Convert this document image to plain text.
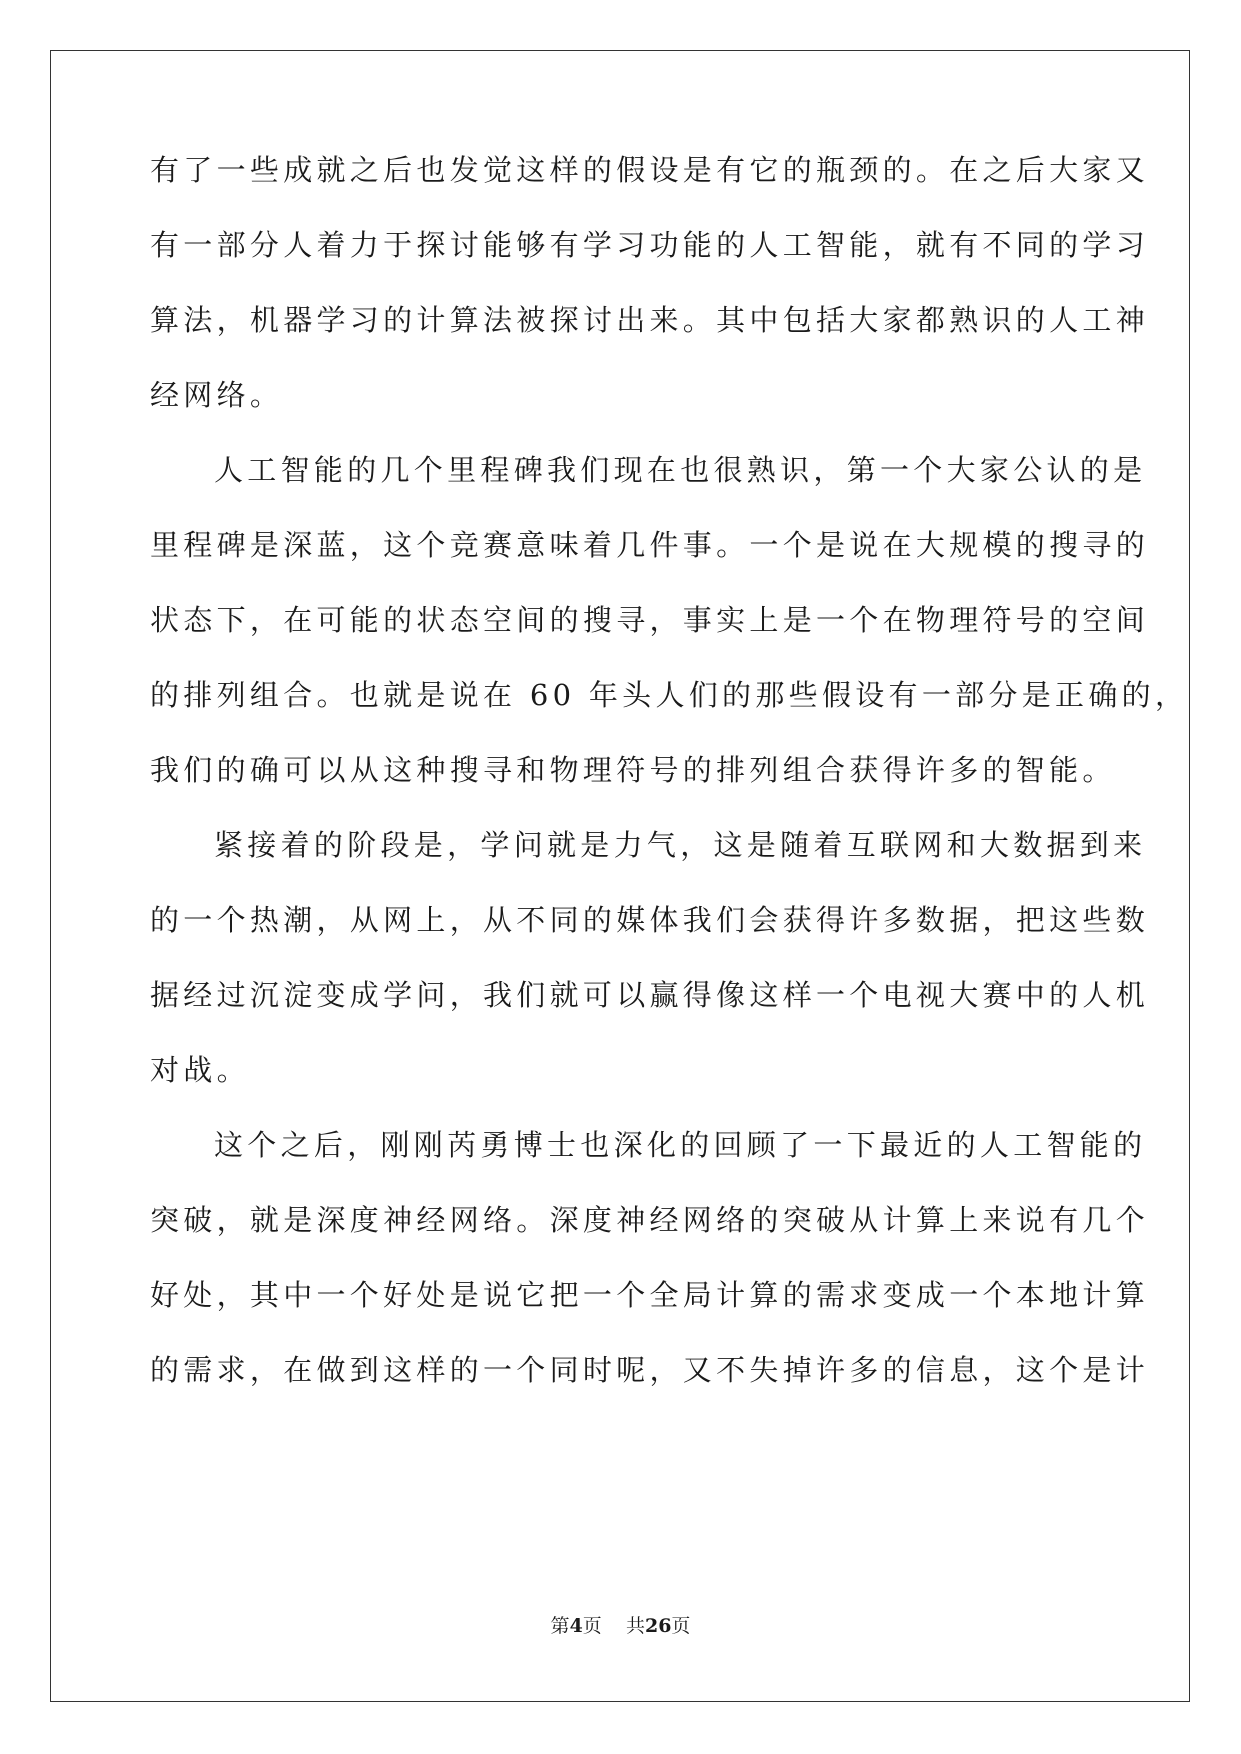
有了一些成就之后也发觉这样的假设是有它的瓶颈的。在之后大家又
有一部分人着力于探讨能够有学习功能的人工智能，就有不同的学习
算法，机器学习的计算法被探讨出来。其中包括大家都熟识的人工神
经网络。
人工智能的几个里程碑我们现在也很熟识，第一个大家公认的是
里程碑是深蓝，这个竞赛意味着几件事。一个是说在大规模的搜寻的
状态下，在可能的状态空间的搜寻，事实上是一个在物理符号的空间
的排列组合。也就是说在 60 年头人们的那些假设有一部分是正确的，
我们的确可以从这种搜寻和物理符号的排列组合获得许多的智能。
紧接着的阶段是，学问就是力气，这是随着互联网和大数据到来
的一个热潮，从网上，从不同的媒体我们会获得许多数据，把这些数
据经过沉淀变成学问，我们就可以赢得像这样一个电视大赛中的人机
对战。
这个之后，刚刚芮勇博士也深化的回顾了一下最近的人工智能的
突破，就是深度神经网络。深度神经网络的突破从计算上来说有几个
好处，其中一个好处是说它把一个全局计算的需求变成一个本地计算
的需求，在做到这样的一个同时呢，又不失掉许多的信息，这个是计
第4页    共26页
